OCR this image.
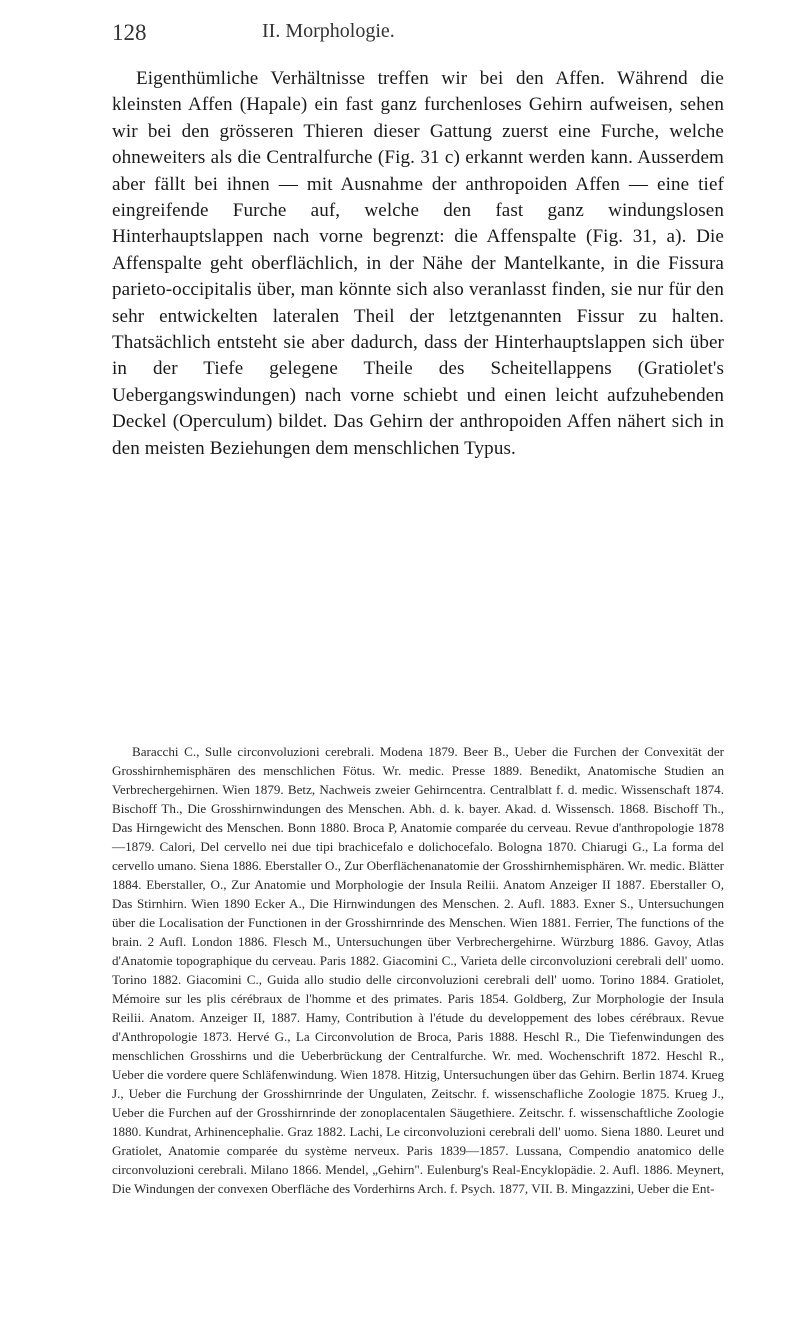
128	II. Morphologie.

Eigenthümliche Verhältnisse treffen wir bei den Affen. Während die kleinsten Affen (Hapale) ein fast ganz furchenloses Gehirn aufweisen, sehen wir bei den grösseren Thieren dieser Gattung zuerst eine Furche, welche ohneweiters als die Centralfurche (Fig. 31 c) erkannt werden kann. Ausserdem aber fällt bei ihnen — mit Ausnahme der anthropoiden Affen — eine tief eingreifende Furche auf, welche den fast ganz windungslosen Hinterhauptslappen nach vorne begrenzt: die Affenspalte (Fig. 31, a). Die Affenspalte geht oberflächlich, in der Nähe der Mantelkante, in die Fissura parieto-occipitalis über, man könnte sich also veranlasst finden, sie nur für den sehr entwickelten lateralen Theil der letztgenannten Fissur zu halten. Thatsächlich entsteht sie aber dadurch, dass der Hinterhauptslappen sich über in der Tiefe gelegene Theile des Scheitellappens (Gratiolet's Uebergangswindungen) nach vorne schiebt und einen leicht aufzuhebenden Deckel (Operculum) bildet. Das Gehirn der anthropoiden Affen nähert sich in den meisten Beziehungen dem menschlichen Typus.

Baracchi C., Sulle circonvoluzioni cerebrali. Modena 1879. Beer B., Ueber die Furchen der Convexität der Grosshirnhemisphären des menschlichen Fötus. Wr. medic. Presse 1889. Benedikt, Anatomische Studien an Verbrechergehirnen. Wien 1879. Betz, Nachweis zweier Gehirncentra. Centralblatt f. d. medic. Wissenschaft 1874. Bischoff Th., Die Grosshirnwindungen des Menschen. Abh. d. k. bayer. Akad. d. Wissensch. 1868. Bischoff Th., Das Hirngewicht des Menschen. Bonn 1880. Broca P, Anatomie comparée du cerveau. Revue d'anthropologie 1878—1879. Calori, Del cervello nei due tipi brachicefalo e dolichocefalo. Bologna 1870. Chiarugi G., La forma del cervello umano. Siena 1886. Eberstaller O., Zur Oberflächenanatomie der Grosshirnhemisphären. Wr. medic. Blätter 1884. Eberstaller, O., Zur Anatomie und Morphologie der Insula Reilii. Anatom Anzeiger II 1887. Eberstaller O, Das Stirnhirn. Wien 1890 Ecker A., Die Hirnwindungen des Menschen. 2. Aufl. 1883. Exner S., Untersuchungen über die Localisation der Functionen in der Grosshirnrinde des Menschen. Wien 1881. Ferrier, The functions of the brain. 2 Aufl. London 1886. Flesch M., Untersuchungen über Verbrechergehirne. Würzburg 1886. Gavoy, Atlas d'Anatomie topographique du cerveau. Paris 1882. Giacomini C., Varieta delle circonvoluzioni cerebrali dell' uomo. Torino 1882. Giacomini C., Guida allo studio delle circonvoluzioni cerebrali dell' uomo. Torino 1884. Gratiolet, Mémoire sur les plis cérébraux de l'homme et des primates. Paris 1854. Goldberg, Zur Morphologie der Insula Reilii. Anatom. Anzeiger II, 1887. Hamy, Contribution à l'étude du developpement des lobes cérébraux. Revue d'Anthropologie 1873. Hervé G., La Circonvolution de Broca, Paris 1888. Heschl R., Die Tiefenwindungen des menschlichen Grosshirns und die Ueberbrückung der Centralfurche. Wr. med. Wochenschrift 1872. Heschl R., Ueber die vordere quere Schläfenwindung. Wien 1878. Hitzig, Untersuchungen über das Gehirn. Berlin 1874. Krueg J., Ueber die Furchung der Grosshirnrinde der Ungulaten, Zeitschr. f. wissenschafliche Zoologie 1875. Krueg J., Ueber die Furchen auf der Grosshirnrinde der zonoplacentalen Säugethiere. Zeitschr. f. wissenschaftliche Zoologie 1880. Kundrat, Arhinencephalie. Graz 1882. Lachi, Le circonvoluzioni cerebrali dell' uomo. Siena 1880. Leuret und Gratiolet, Anatomie comparée du système nerveux. Paris 1839—1857. Lussana, Compendio anatomico delle circonvoluzioni cerebrali. Milano 1866. Mendel, „Gehirn". Eulenburg's Real-Encyklopädie. 2. Aufl. 1886. Meynert, Die Windungen der convexen Oberfläche des Vorderhirns Arch. f. Psych. 1877, VII. B. Mingazzini, Ueber die Ent-
